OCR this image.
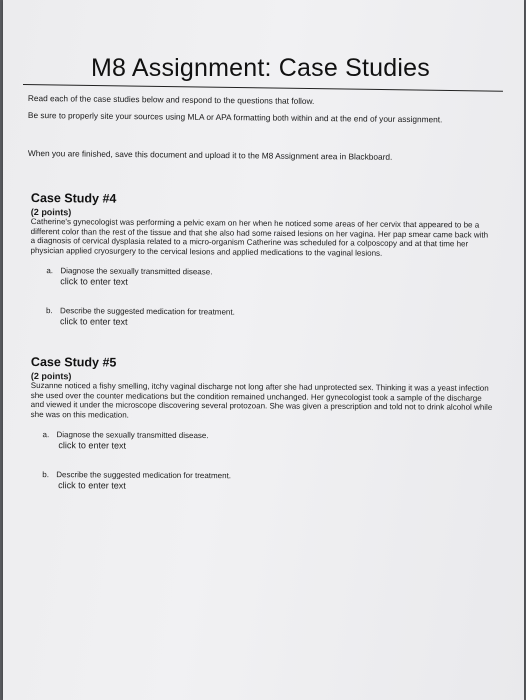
M8 Assignment: Case Studies
Read each of the case studies below and respond to the questions that follow.
Be sure to properly site your sources using MLA or APA formatting both within and at the end of your assignment.
When you are finished, save this document and upload it to the M8 Assignment area in Blackboard.
Case Study #4
(2 points)
Catherine's gynecologist was performing a pelvic exam on her when he noticed some areas of her cervix that appeared to be a different color than the rest of the tissue and that she also had some raised lesions on her vagina. Her pap smear came back with a diagnosis of cervical dysplasia related to a micro-organism Catherine was scheduled for a colposcopy and at that time her physician applied cryosurgery to the cervical lesions and applied medications to the vaginal lesions.
a. Diagnose the sexually transmitted disease.
click to enter text
b. Describe the suggested medication for treatment.
click to enter text
Case Study #5
(2 points)
Suzanne noticed a fishy smelling, itchy vaginal discharge not long after she had unprotected sex. Thinking it was a yeast infection she used over the counter medications but the condition remained unchanged. Her gynecologist took a sample of the discharge and viewed it under the microscope discovering several protozoan. She was given a prescription and told not to drink alcohol while she was on this medication.
a. Diagnose the sexually transmitted disease.
click to enter text
b. Describe the suggested medication for treatment.
click to enter text
